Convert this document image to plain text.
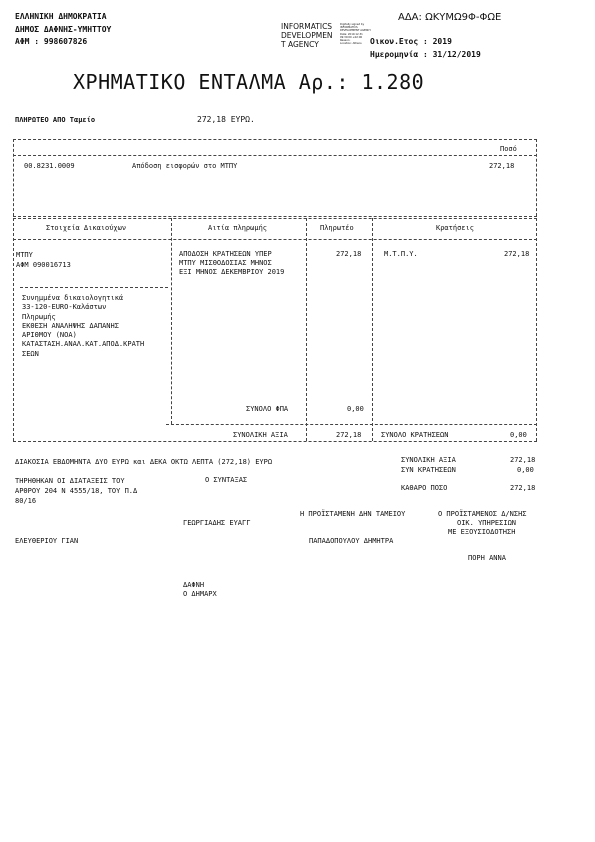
ΕΛΛΗΝΙΚΗ ΔΗΜΟΚΡΑΤΙΑ
ΔΗΜΟΣ ΔΑΦΝΗΣ-ΥΜΗΤΤΟΥ
ΑΦΜ : 998607826
ΑΔΑ: ΩΚΥΜΩ9Φ-ΦΩΕ
INFORMATICS
DEVELOPMEN
T AGENCY
Digitally signed by
INFORMATICS
DEVELOPMENT AGENCY
Date: 2019.12.31
09:30:00 +02:00
Reason:
Location: Athens	Οικον.Ετος : 2019
Ημερομηνία : 31/12/2019
ΧΡΗΜΑΤΙΚΟ ΕΝΤΑΛΜΑ Αρ.: 1.280
ΠΛΗΡΩΤΕΟ ΑΠΟ Ταμείο	272,18 ΕΥΡΩ.
Ποσό
00.8231.0009	Απόδοση εισφορών στο ΜΤΠΥ	272,18
Στοιχεία Δικαιούχων	Αιτία πληρωμής	Πληρωτέο	Κρατήσεις
ΜΤΠΥ
ΑΦΜ 090016713
ΑΠΟΔΟΣΗ ΚΡΑΤΗΣΕΩΝ ΥΠΕΡ
ΜΤΠΥ ΜΙΣΘΟΔΟΣΙΑΣ ΜΗΝΟΣ
ΕΞΙ ΜΗΝΟΣ ΔΕΚΕΜΒΡΙΟΥ 2019
272,18	Μ.Τ.Π.Υ.	272,18
Συνημμένα δικαιολογητικά
33-120-EURO-Καλάστων
Πληρωμής
ΕΚΘΕΣΗ ΑΝΑΛΗΨΗΣ ΔΑΠΑΝΗΣ
ΑΡΙΘΜΟΥ (ΝΟΑ)
ΚΑΤΑΣΤΑΣΗ.ΑΝΑΛ.ΚΑΤ.ΑΠΟΔ.ΚΡΑΤΗ
ΣΕΩΝ
ΣΥΝΟΛΟ ΦΠΑ	0,00
ΣΥΝΟΛΙΚΗ ΑΞΙΑ	272,18	ΣΥΝΟΛΟ ΚΡΑΤΗΣΕΩΝ	0,00
ΔΙΑΚΟΣΙΑ ΕΒΔΟΜΗΝΤΑ ΔΥΟ ΕΥΡΩ και ΔΕΚΑ ΟΚΤΩ ΛΕΠΤΑ (272,18) ΕΥΡΩ	ΣΥΝΟΛΙΚΗ ΑΞΙΑ	272,18
ΣΥΝ ΚΡΑΤΗΣΕΩΝ	0,00
ΤΗΡΗΘΗΚΑΝ ΟΙ ΔΙΑΤΑΞΕΙΣ ΤΟΥ
ΑΡΘΡΟΥ 204 Ν 4555/18, ΤΟΥ Π.Δ
80/16
Ο ΣΥΝΤΑΞΑΣ
ΚΑΘΑΡΟ ΠΟΣΟ	272,18
Η ΠΡΟΪΣΤΑΜΕΝΗ ΔΗΝ ΤΑΜΕΙΟΥ	Ο ΠΡΟΪΣΤΑΜΕΝΟΣ Δ/ΝΣΗΣ
ΟΙΚ. ΥΠΗΡΕΣΙΩΝ
ΜΕ ΕΞΟΥΣΙΟΔΟΤΗΣΗ
ΓΕΩΡΓΙΑΔΗΣ ΕΥΑΓΓ
ΕΛΕΥΘΕΡΙΟΥ ΓΙΑΝ	ΠΑΠΑΔΟΠΟΥΛΟΥ ΔΗΜΗΤΡΑ
ΠΟΡΗ ΑΝΝΑ
ΔΑΦΝΗ
Ο ΔΗΜΑΡΧ
